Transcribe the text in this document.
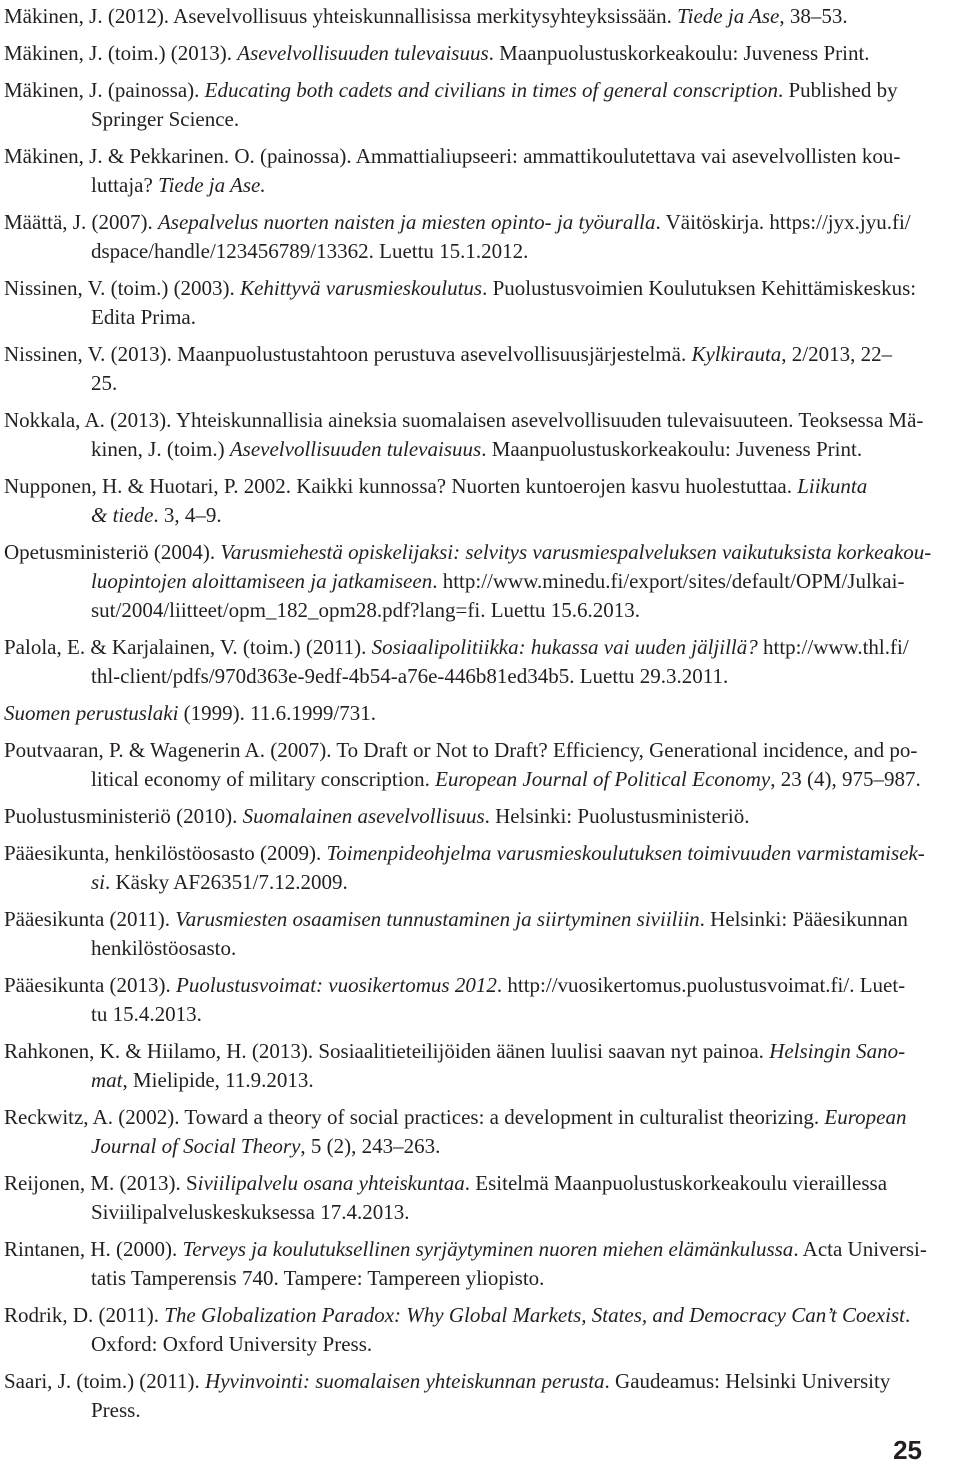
Mäkinen, J. (2012). Asevelvollisuus yhteiskunnallisissa merkitysyhteyksissään. Tiede ja Ase, 38–53.
Mäkinen, J. (toim.) (2013). Asevelvollisuuden tulevaisuus. Maanpuolustuskorkeakoulu: Juveness Print.
Mäkinen, J. (painossa). Educating both cadets and civilians in times of general conscription. Published by
Springer Science.
Mäkinen, J. & Pekkarinen. O. (painossa). Ammattialiupseeri: ammattikoulutettava vai asevelvollisten kou-
luttaja? Tiede ja Ase.
Määttä, J. (2007). Asepalvelus nuorten naisten ja miesten opinto- ja työuralla. Väitöskirja. https://jyx.jyu.fi/
dspace/handle/123456789/13362. Luettu 15.1.2012.
Nissinen, V. (toim.) (2003). Kehittyvä varusmieskoulutus. Puolustusvoimien Koulutuksen Kehittämiskeskus:
Edita Prima.
Nissinen, V. (2013). Maanpuolustustahtoon perustuva asevelvollisuusjärjestelmä. Kylkirauta, 2/2013, 22–
25.
Nokkala, A. (2013). Yhteiskunnallisia aineksia suomalaisen asevelvollisuuden tulevaisuuteen. Teoksessa Mä-
kinen, J. (toim.) Asevelvollisuuden tulevaisuus. Maanpuolustuskorkeakoulu: Juveness Print.
Nupponen, H. & Huotari, P. 2002. Kaikki kunnossa? Nuorten kuntoerojen kasvu huolestuttaa. Liikunta
& tiede. 3, 4–9.
Opetusministeriö (2004). Varusmiehestä opiskelijaksi: selvitys varusmiespalveluksen vaikutuksista korkeakou-
luopintojen aloittamiseen ja jatkamiseen. http://www.minedu.fi/export/sites/default/OPM/Julkai-
sut/2004/liitteet/opm_182_opm28.pdf?lang=fi. Luettu 15.6.2013.
Palola, E. & Karjalainen, V. (toim.) (2011). Sosiaalipolitiikka: hukassa vai uuden jäljillä? http://www.thl.fi/
thl-client/pdfs/970d363e-9edf-4b54-a76e-446b81ed34b5. Luettu 29.3.2011.
Suomen perustuslaki (1999). 11.6.1999/731.
Poutvaaran, P. & Wagenerin A. (2007). To Draft or Not to Draft? Efficiency, Generational incidence, and po-
litical economy of military conscription. European Journal of Political Economy, 23 (4), 975–987.
Puolustusministeriö (2010). Suomalainen asevelvollisuus. Helsinki: Puolustusministeriö.
Pääesikunta, henkilöstöosasto (2009). Toimenpideohjelma varusmieskoulutuksen toimivuuden varmistamisek-
si. Käsky AF26351/7.12.2009.
Pääesikunta (2011). Varusmiesten osaamisen tunnustaminen ja siirtyminen siviiliin. Helsinki: Pääesikunnan
henkilöstöosasto.
Pääesikunta (2013). Puolustusvoimat: vuosikertomus 2012. http://vuosikertomus.puolustusvoimat.fi/. Luet-
tu 15.4.2013.
Rahkonen, K. & Hiilamo, H. (2013). Sosiaalitieteilijöiden äänen luulisi saavan nyt painoa. Helsingin Sano-
mat, Mielipide, 11.9.2013.
Reckwitz, A. (2002). Toward a theory of social practices: a development in culturalist theorizing. European
Journal of Social Theory, 5 (2), 243–263.
Reijonen, M. (2013). Siviilipalvelu osana yhteiskuntaa. Esitelmä Maanpuolustuskorkeakoulu vieraillessa
Siviilipalveluskeskuksessa 17.4.2013.
Rintanen, H. (2000). Terveys ja koulutuksellinen syrjäytyminen nuoren miehen elämänkulussa. Acta Universi-
tatis Tamperensis 740. Tampere: Tampereen yliopisto.
Rodrik, D. (2011). The Globalization Paradox: Why Global Markets, States, and Democracy Can’t Coexist.
Oxford: Oxford University Press.
Saari, J. (toim.) (2011). Hyvinvointi: suomalaisen yhteiskunnan perusta. Gaudeamus: Helsinki University
Press.
25
